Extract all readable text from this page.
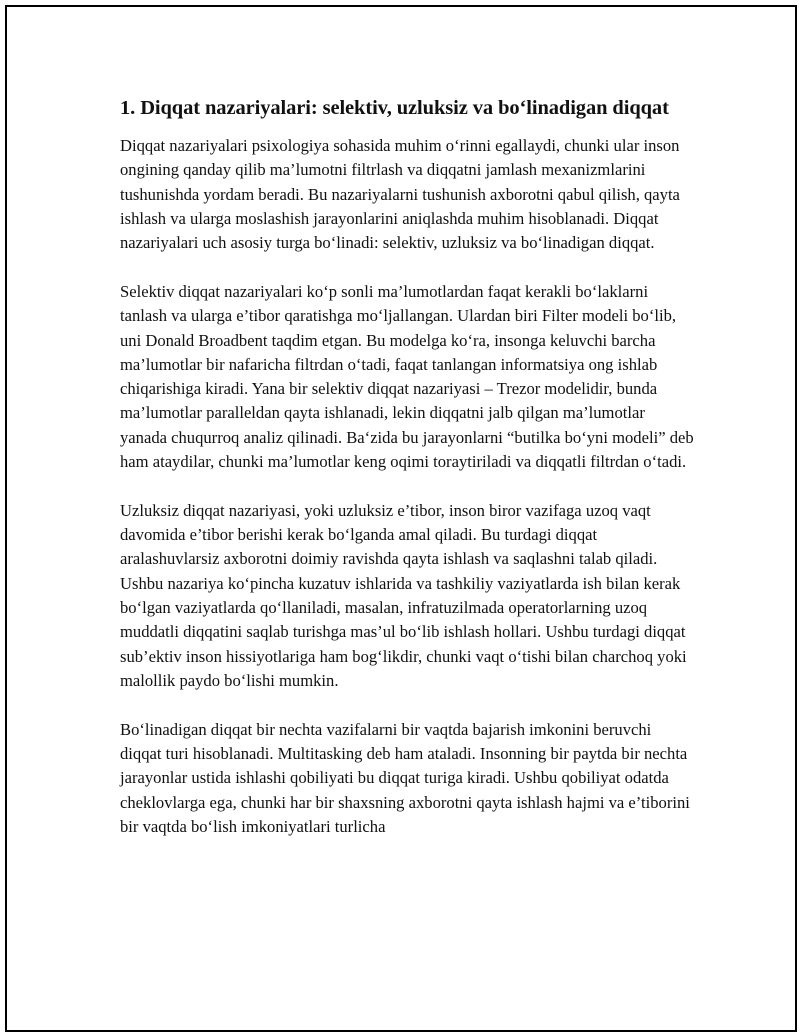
1. Diqqat nazariyalari: selektiv, uzluksiz va bo‘linadigan diqqat

Diqqat nazariyalari psixologiya sohasida muhim o‘rinni egallaydi, chunki ular inson ongining qanday qilib ma’lumotni filtrlash va diqqatni jamlash mexanizmlarini tushunishda yordam beradi. Bu nazariyalarni tushunish axborotni qabul qilish, qayta ishlash va ularga moslashish jarayonlarini aniqlashda muhim hisoblanadi. Diqqat nazariyalari uch asosiy turga bo‘linadi: selektiv, uzluksiz va bo‘linadigan diqqat.

Selektiv diqqat nazariyalari ko‘p sonli ma’lumotlardan faqat kerakli bo‘laklarni tanlash va ularga e’tibor qaratishga mo‘ljallangan. Ulardan biri Filter modeli bo‘lib, uni Donald Broadbent taqdim etgan. Bu modelga ko‘ra, insonga keluvchi barcha ma’lumotlar bir nafaricha filtrdan o‘tadi, faqat tanlangan informatsiya ong ishlab chiqarishiga kiradi. Yana bir selektiv diqqat nazariyasi – Trezor modelidir, bunda ma’lumotlar paralleldan qayta ishlanadi, lekin diqqatni jalb qilgan ma’lumotlar yanada chuqurroq analiz qilinadi. Ba‘zida bu jarayonlarni “butilka bo‘yni modeli” deb ham ataydilar, chunki ma’lumotlar keng oqimi toraytiriladi va diqqatli filtrdan o‘tadi.

Uzluksiz diqqat nazariyasi, yoki uzluksiz e’tibor, inson biror vazifaga uzoq vaqt davomida e’tibor berishi kerak bo‘lganda amal qiladi. Bu turdagi diqqat aralashuvlarsiz axborotni doimiy ravishda qayta ishlash va saqlashni talab qiladi. Ushbu nazariya ko‘pincha kuzatuv ishlarida va tashkiliy vaziyatlarda ish bilan kerak bo‘lgan vaziyatlarda qo‘llaniladi, masalan, infratuzilmada operatorlarning uzoq muddatli diqqatini saqlab turishga mas’ul bo‘lib ishlash hollari. Ushbu turdagi diqqat sub’ektiv inson hissiyotlariga ham bog‘likdir, chunki vaqt o‘tishi bilan charchoq yoki malollik paydo bo‘lishi mumkin.

Bo‘linadigan diqqat bir nechta vazifalarni bir vaqtda bajarish imkonini beruvchi diqqat turi hisoblanadi. Multitasking deb ham ataladi. Insonning bir paytda bir nechta jarayonlar ustida ishlashi qobiliyati bu diqqat turiga kiradi. Ushbu qobiliyat odatda cheklovlarga ega, chunki har bir shaxsning axborotni qayta ishlash hajmi va e’tiborini bir vaqtda bo‘lish imkoniyatlari turlicha
